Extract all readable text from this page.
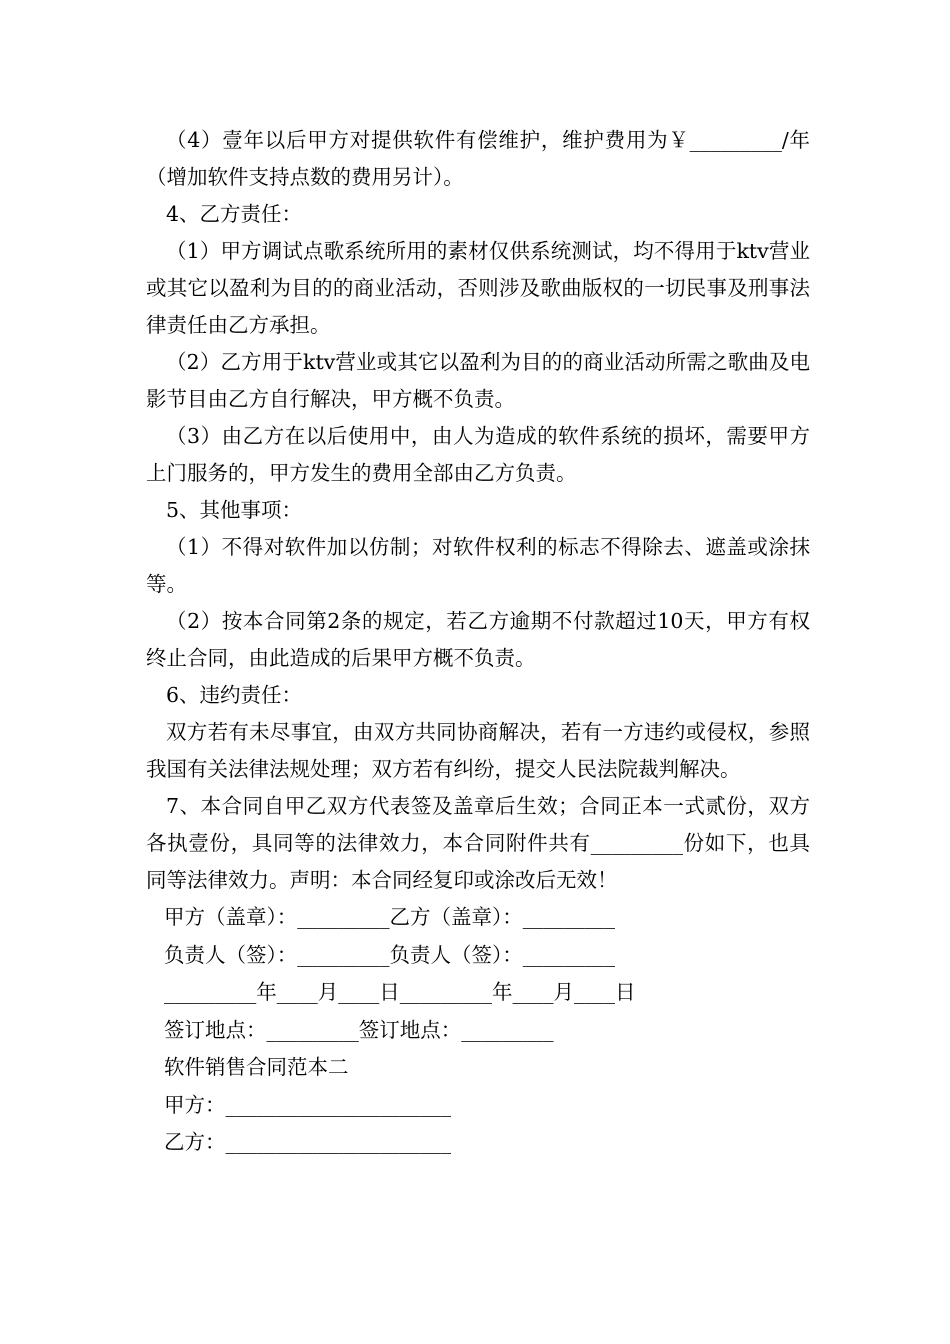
（4）壹年以后甲方对提供软件有偿维护，维护费用为￥_________/年（增加软件支持点数的费用另计）。

4、乙方责任：

（1）甲方调试点歌系统所用的素材仅供系统测试，均不得用于ktv营业或其它以盈利为目的的商业活动，否则涉及歌曲版权的一切民事及刑事法律责任由乙方承担。

（2）乙方用于ktv营业或其它以盈利为目的的商业活动所需之歌曲及电影节目由乙方自行解决，甲方概不负责。

（3）由乙方在以后使用中，由人为造成的软件系统的损坏，需要甲方上门服务的，甲方发生的费用全部由乙方负责。

5、其他事项：

（1）不得对软件加以仿制；对软件权利的标志不得除去、遮盖或涂抹等。

（2）按本合同第2条的规定，若乙方逾期不付款超过10天，甲方有权终止合同，由此造成的后果甲方概不负责。

6、违约责任：

双方若有未尽事宜，由双方共同协商解决，若有一方违约或侵权，参照我国有关法律法规处理；双方若有纠纷，提交人民法院裁判解决。

7、本合同自甲乙双方代表签及盖章后生效；合同正本一式贰份，双方各执壹份，具同等的法律效力，本合同附件共有_________份如下，也具同等法律效力。声明：本合同经复印或涂改后无效！

甲方（盖章）：_________乙方（盖章）：_________

负责人（签）：_________负责人（签）：_________

_________年____月____日_________年____月____日

签订地点：_________签订地点：_________

软件销售合同范本二

甲方：______________________

乙方：______________________
